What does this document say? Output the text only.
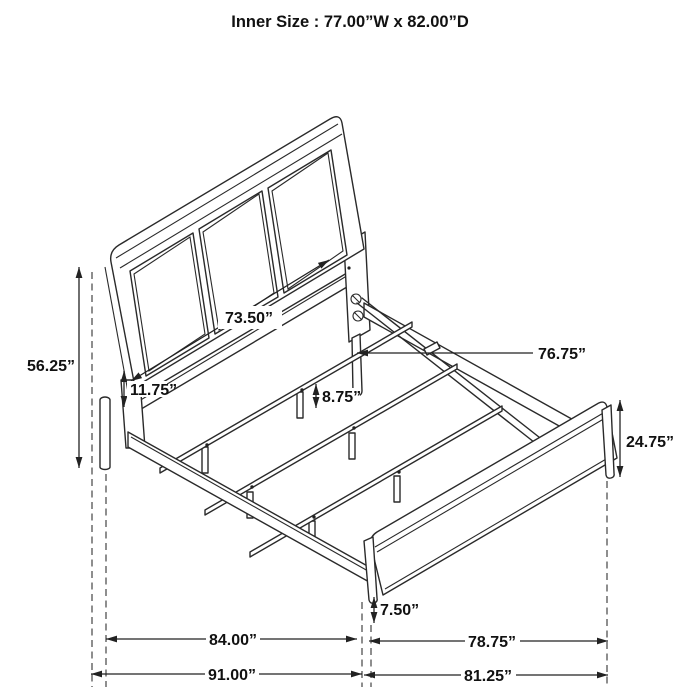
56.25”
11.75”
73.50”
8.75”
76.75”
24.75”
7.50”
84.00”	78.75”
91.00”	81.25”
Inner Size : 77.00”W x 82.00”D
